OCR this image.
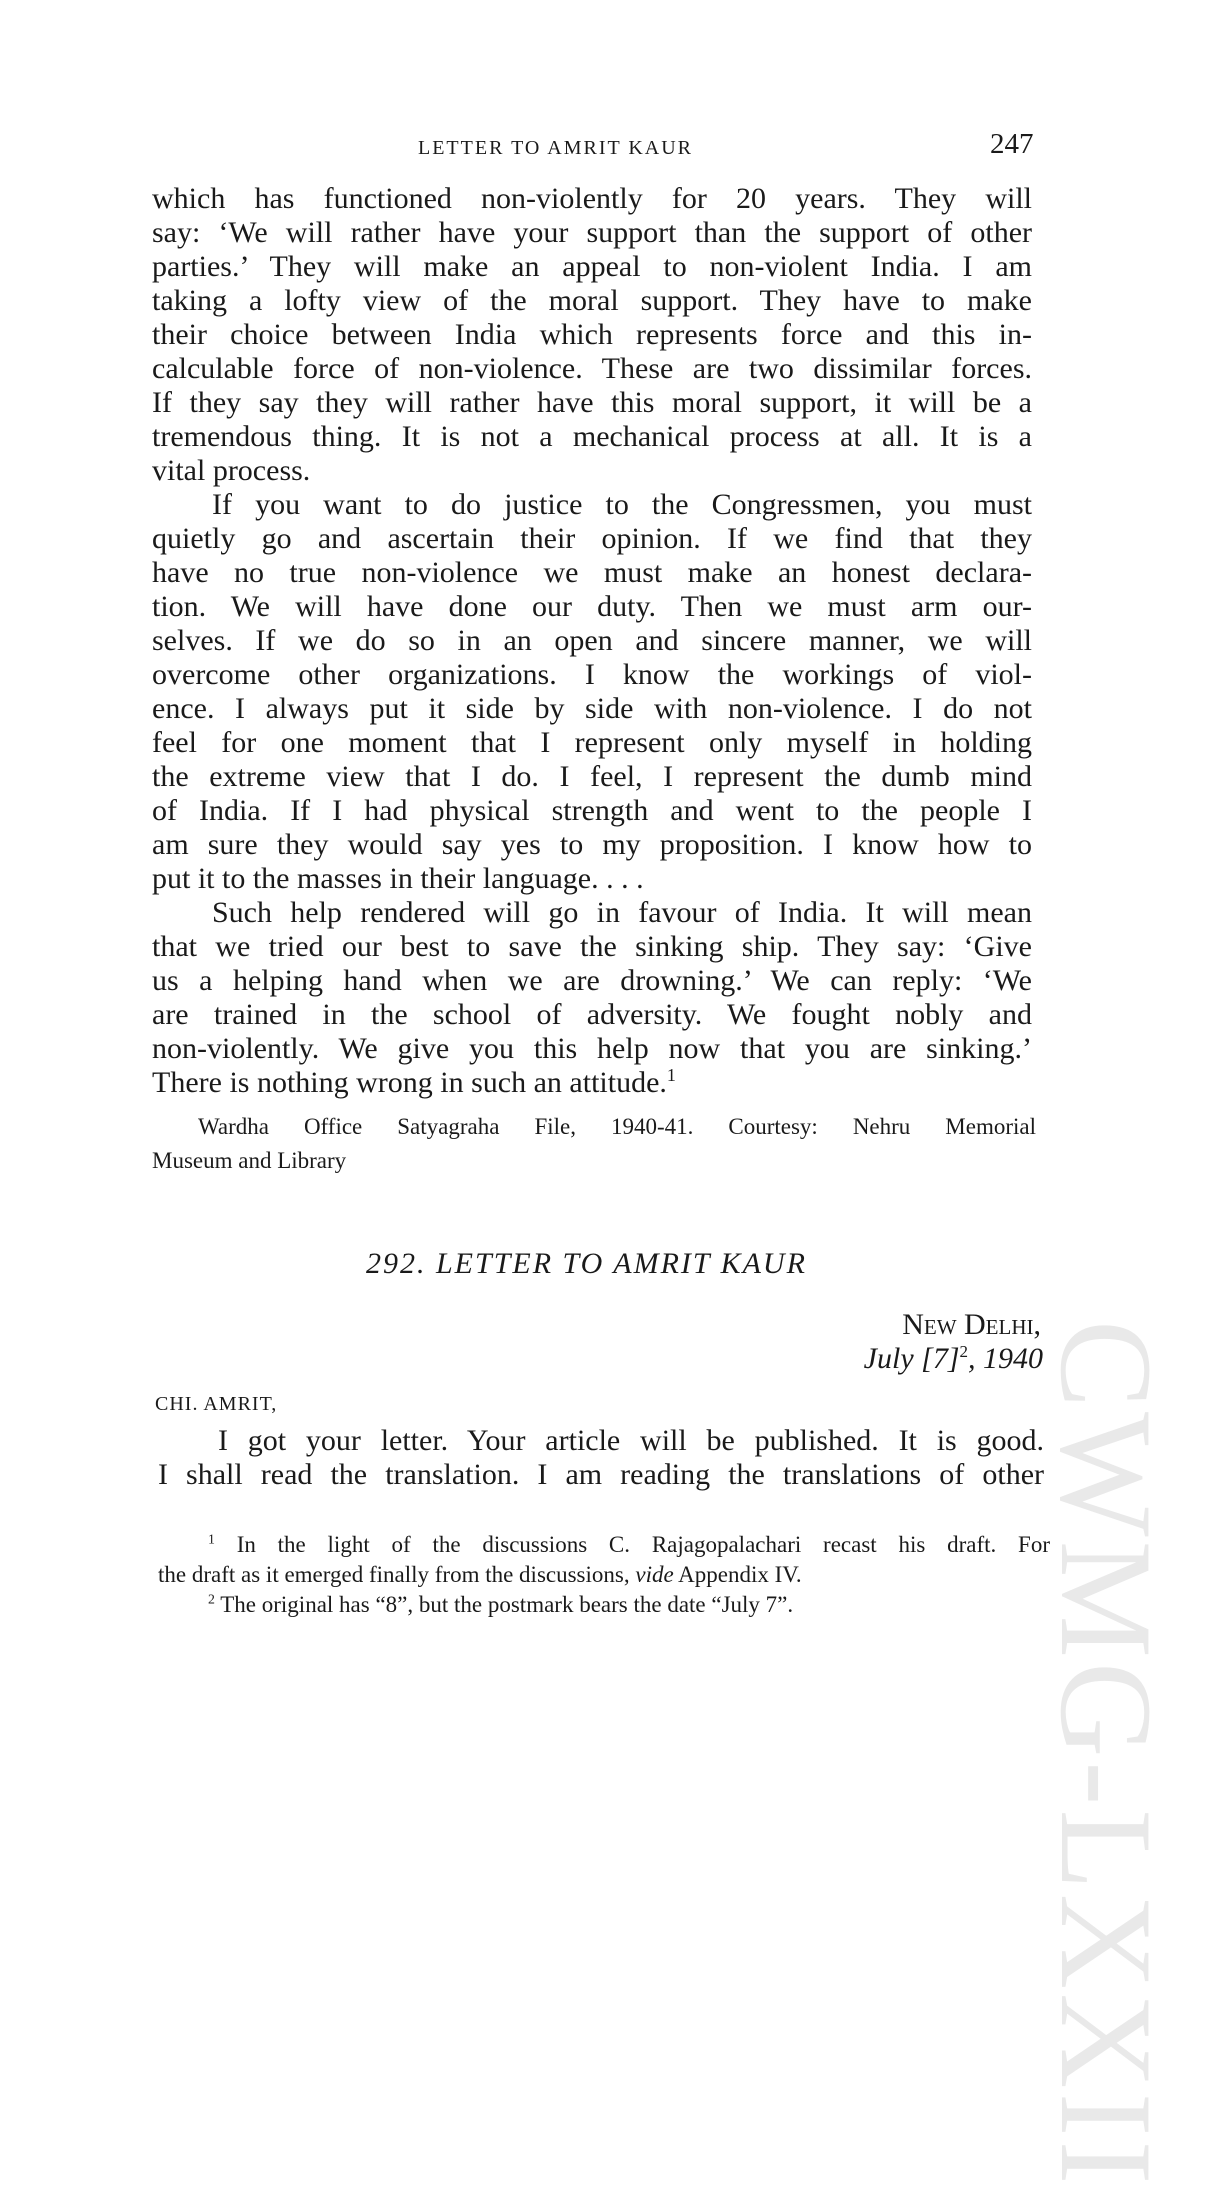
CWMG-LXXII
LETTER TO AMRIT KAUR	247
which has functioned non-violently for 20 years. They will
say: ‘We will rather have your support than the support of other
parties.’ They will make an appeal to non-violent India. I am
taking a lofty view of the moral support. They have to make
their choice between India which represents force and this in-
calculable force of non-violence. These are two dissimilar forces.
If they say they will rather have this moral support, it will be a
tremendous thing. It is not a mechanical process at all. It is a
vital process.
If you want to do justice to the Congressmen, you must
quietly go and ascertain their opinion. If we find that they
have no true non-violence we must make an honest declara-
tion. We will have done our duty. Then we must arm our-
selves. If we do so in an open and sincere manner, we will
overcome other organizations. I know the workings of viol-
ence. I always put it side by side with non-violence. I do not
feel for one moment that I represent only myself in holding
the extreme view that I do. I feel, I represent the dumb mind
of India. If I had physical strength and went to the people I
am sure they would say yes to my proposition. I know how to
put it to the masses in their language. . . .
Such help rendered will go in favour of India. It will mean
that we tried our best to save the sinking ship. They say: ‘Give
us a helping hand when we are drowning.’ We can reply: ‘We
are trained in the school of adversity. We fought nobly and
non-violently. We give you this help now that you are sinking.’
There is nothing wrong in such an attitude.$^1$
Wardha Office Satyagraha File, 1940-41. Courtesy: Nehru Memorial
Museum and Library
292. LETTER TO AMRIT KAUR
New Delhi,
July $[7]^2$, 1940
CHI. AMRIT,
I got your letter. Your article will be published. It is good.
I shall read the translation. I am reading the translations of other
$^1$ In the light of the discussions C. Rajagopalachari recast his draft. For
the draft as it emerged finally from the discussions, vide Appendix IV.
$^2$ The original has “8”, but the postmark bears the date “July 7”.
